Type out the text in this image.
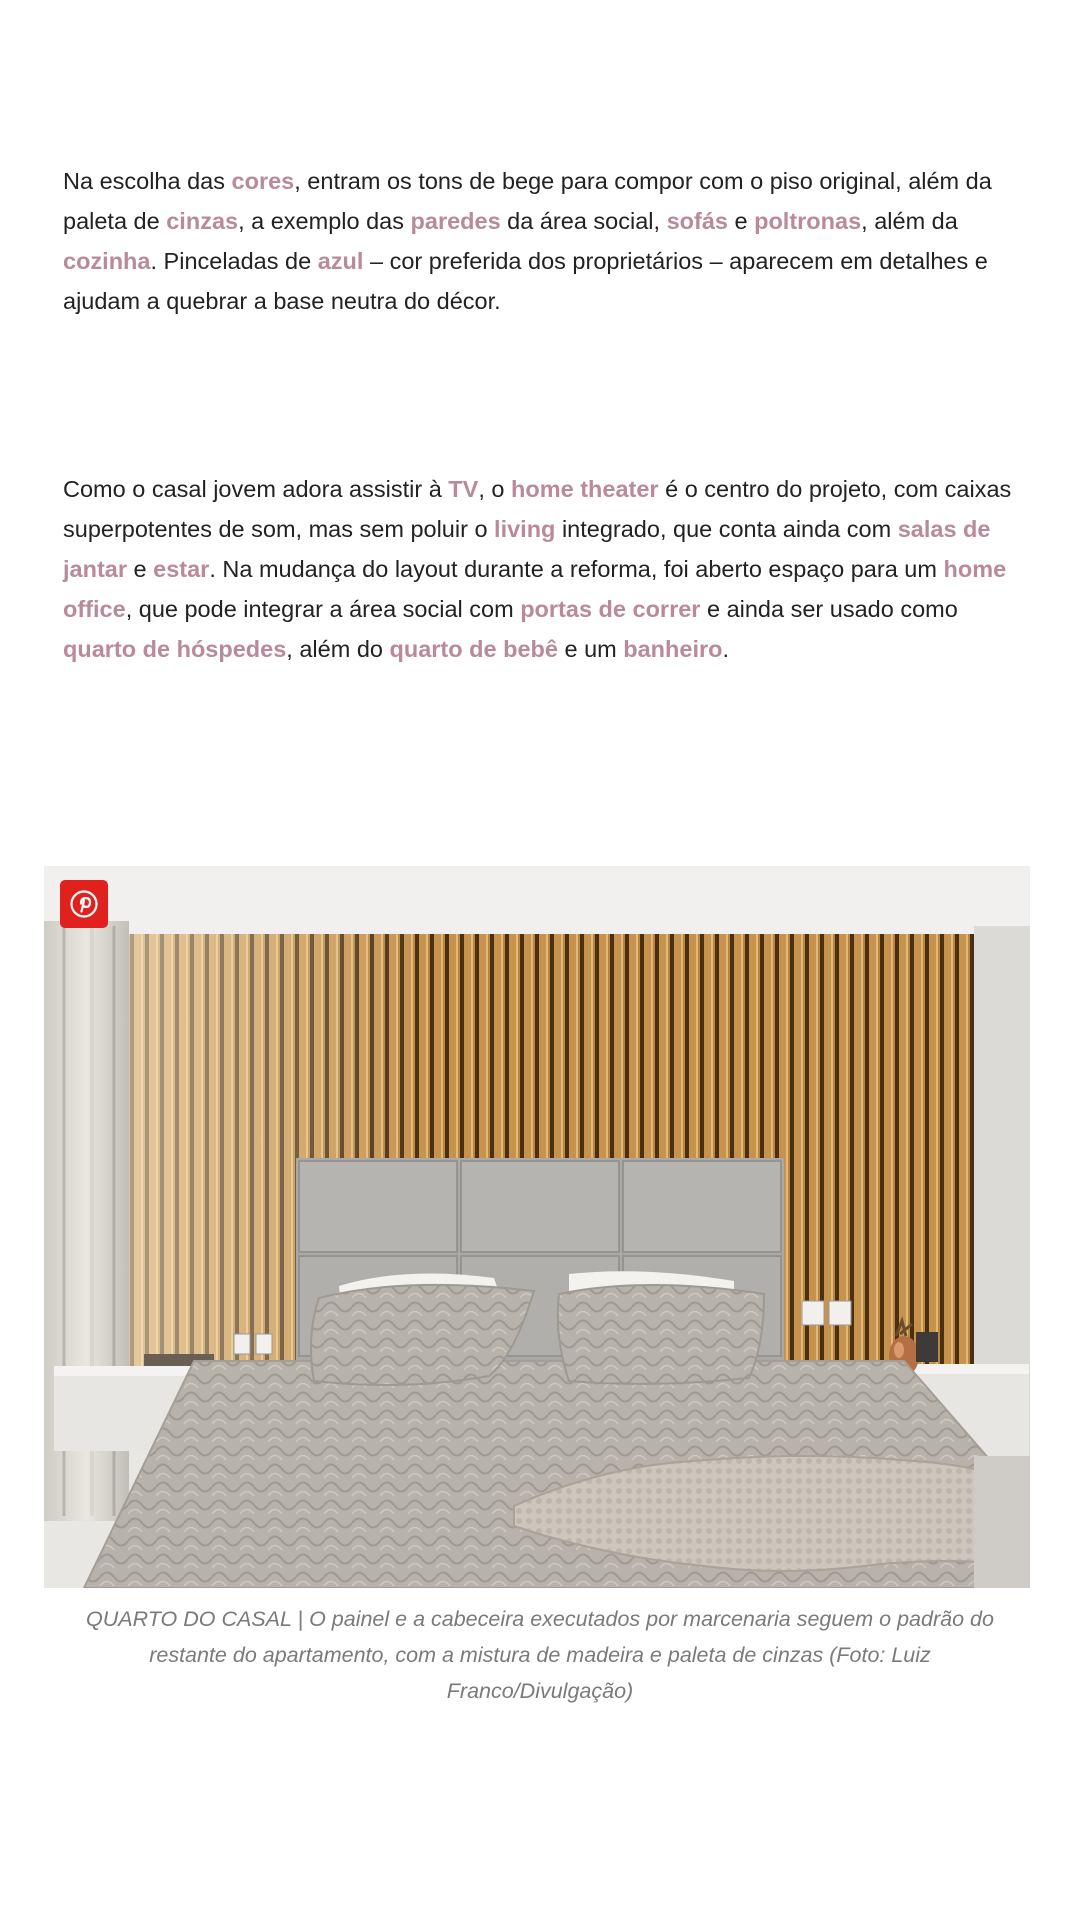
Na escolha das cores, entram os tons de bege para compor com o piso original, além da paleta de cinzas, a exemplo das paredes da área social, sofás e poltronas, além da cozinha. Pinceladas de azul – cor preferida dos proprietários – aparecem em detalhes e ajudam a quebrar a base neutra do décor.

Como o casal jovem adora assistir à TV, o home theater é o centro do projeto, com caixas superpotentes de som, mas sem poluir o living integrado, que conta ainda com salas de jantar e estar. Na mudança do layout durante a reforma, foi aberto espaço para um home office, que pode integrar a área social com portas de correr e ainda ser usado como quarto de hóspedes, além do quarto de bebê e um banheiro.

QUARTO DO CASAL | O painel e a cabeceira executados por marcenaria seguem o padrão do restante do apartamento, com a mistura de madeira e paleta de cinzas (Foto: Luiz Franco/Divulgação)
